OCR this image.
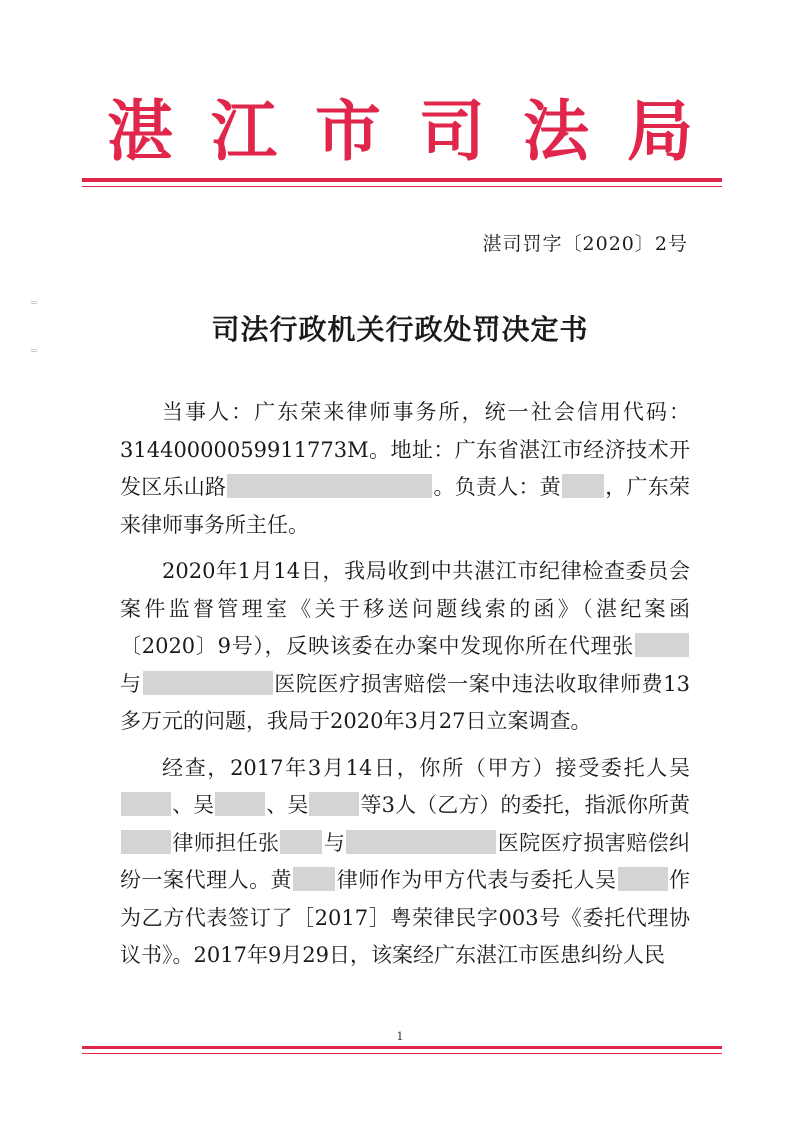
湛江市司法局
=
=
湛司罚字〔2020〕2号
司法行政机关行政处罚决定书

当事人：广东荣来律师事务所，统一社会信用代码：31440000059911773M。地址：广东省湛江市经济技术开发区乐山路	。负责人：黄 ，广东荣来律师事务所主任。

2020年1月14日，我局收到中共湛江市纪律检查委员会案件监督管理室《关于移送问题线索的函》（湛纪案函〔2020〕9号），反映该委在办案中发现你所在代理张与	医院医疗损害赔偿一案中违法收取律师费13多万元的问题，我局于2020年3月27日立案调查。

经查，2017年3月14日，你所（甲方）接受委托人吴、吴 、吴 等3人（乙方）的委托，指派你所黄律师担任张 与	医院医疗损害赔偿纠纷一案代理人。黄 律师作为甲方代表与委托人吴 作为乙方代表签订了［2017］粤荣律民字003号《委托代理协议书》。2017年9月29日，该案经广东湛江市医患纠纷人民

1
